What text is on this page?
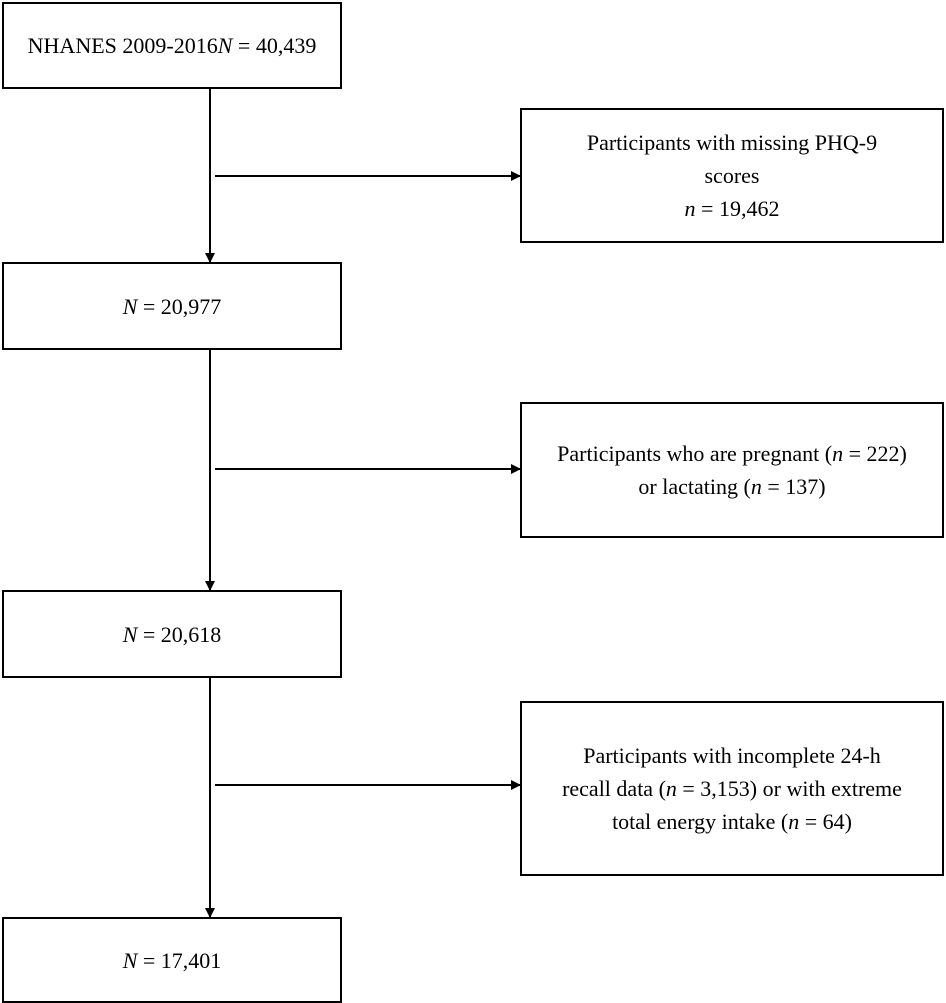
NHANES 2009-2016N = 40,439
Participants with missing PHQ-9
scores
n = 19,462
N = 20,977
Participants who are pregnant (n = 222)
or lactating (n = 137)
N = 20,618
Participants with incomplete 24-h
recall data (n = 3,153) or with extreme
total energy intake (n = 64)
N = 17,401
